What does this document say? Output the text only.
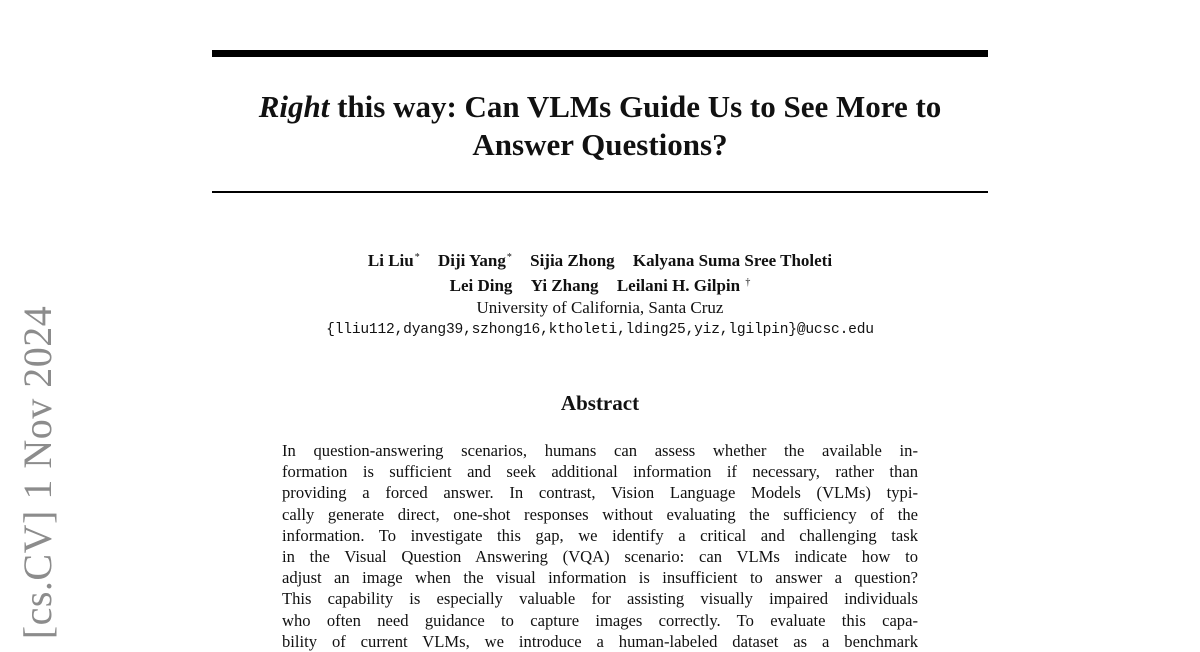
[cs.CV] 1 Nov 2024
Right this way: Can VLMs Guide Us to See More to
Answer Questions?
Li Liu* Diji Yang* Sijia Zhong Kalyana Suma Sree Tholeti
Lei Ding Yi Zhang Leilani H. Gilpin †
University of California, Santa Cruz
{lliu112,dyang39,szhong16,ktholeti,lding25,yiz,lgilpin}@ucsc.edu
Abstract
In question-answering scenarios, humans can assess whether the available in-
formation is sufficient and seek additional information if necessary, rather than
providing a forced answer. In contrast, Vision Language Models (VLMs) typi-
cally generate direct, one-shot responses without evaluating the sufficiency of the
information. To investigate this gap, we identify a critical and challenging task
in the Visual Question Answering (VQA) scenario: can VLMs indicate how to
adjust an image when the visual information is insufficient to answer a question?
This capability is especially valuable for assisting visually impaired individuals
who often need guidance to capture images correctly. To evaluate this capa-
bility of current VLMs, we introduce a human-labeled dataset as a benchmark
